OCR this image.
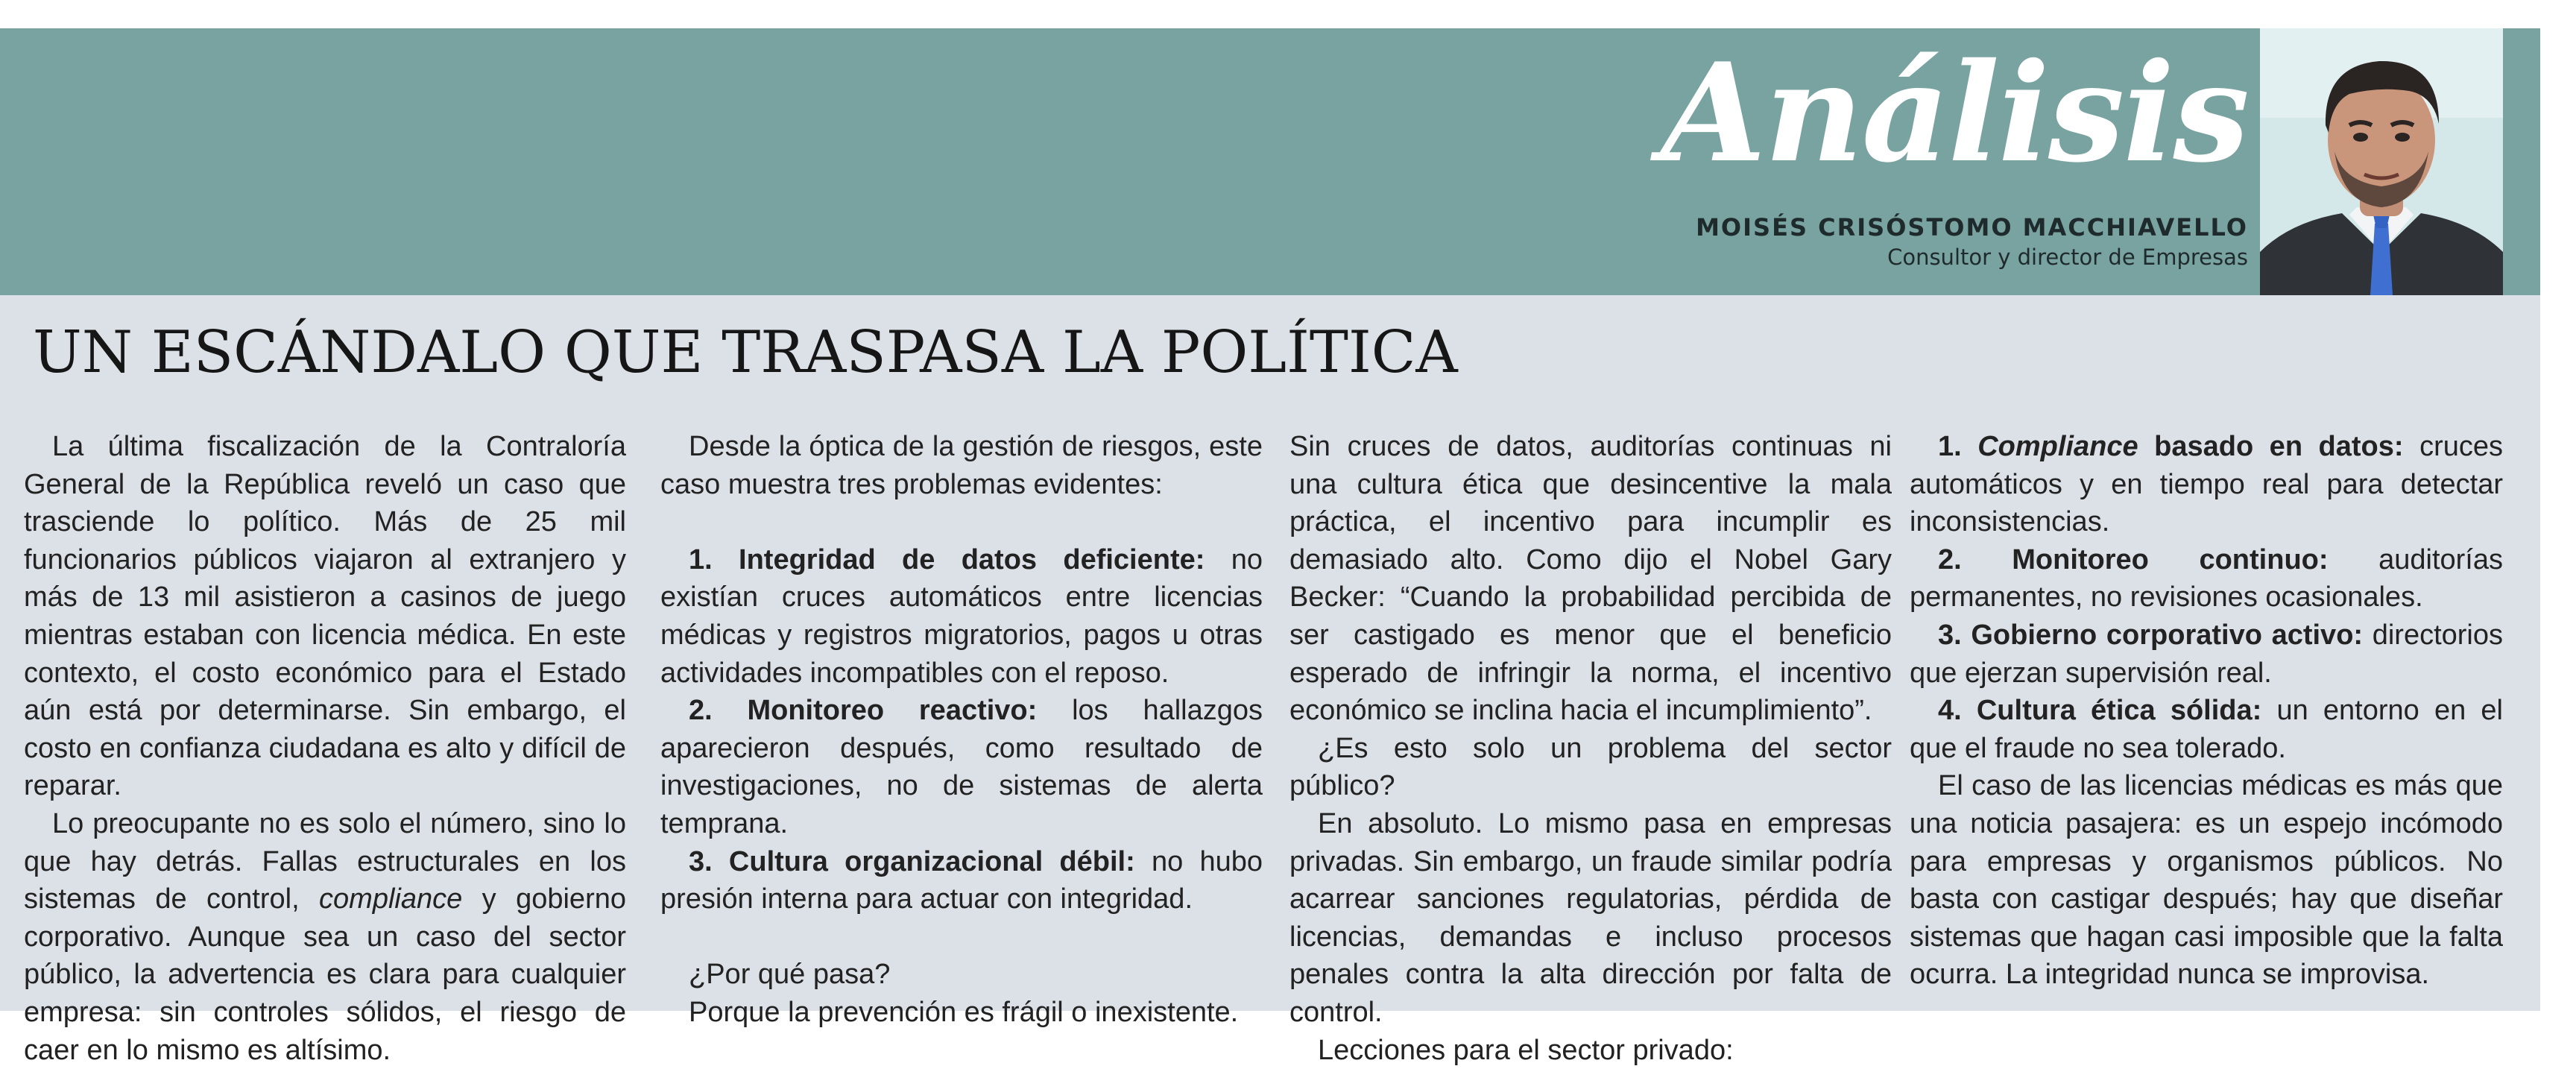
Análisis
MOISÉS CRISÓSTOMO MACCHIAVELLO
Consultor y director de Empresas
UN ESCÁNDALO QUE TRASPASA LA POLÍTICA

La última fiscalización de la Contraloría General de la República reveló un caso que trasciende lo político. Más de 25 mil funcionarios públicos viajaron al extranjero y más de 13 mil asistieron a casinos de juego mientras estaban con licencia médica. En este contexto, el costo económico para el Estado aún está por determinarse. Sin embargo, el costo en confianza ciudadana es alto y difícil de reparar.

Lo preocupante no es solo el número, sino lo que hay detrás. Fallas estructurales en los sistemas de control, compliance y gobierno corporativo. Aunque sea un caso del sector público, la advertencia es clara para cualquier empresa: sin controles sólidos, el riesgo de caer en lo mismo es altísimo.

Desde la óptica de la gestión de riesgos, este caso muestra tres problemas evidentes:

1. Integridad de datos deficiente: no existían cruces automáticos entre licencias médicas y registros migratorios, pagos u otras actividades incompatibles con el reposo.

2. Monitoreo reactivo: los hallazgos aparecieron después, como resultado de investigaciones, no de sistemas de alerta temprana.

3. Cultura organizacional débil: no hubo presión interna para actuar con integridad.

¿Por qué pasa?

Porque la prevención es frágil o inexistente.

Sin cruces de datos, auditorías continuas ni una cultura ética que desincentive la mala práctica, el incentivo para incumplir es demasiado alto. Como dijo el Nobel Gary Becker: “Cuando la probabilidad percibida de ser castigado es menor que el beneficio esperado de infringir la norma, el incentivo económico se inclina hacia el incumplimiento”.

¿Es esto solo un problema del sector público?

En absoluto. Lo mismo pasa en empresas privadas. Sin embargo, un fraude similar podría acarrear sanciones regulatorias, pérdida de licencias, demandas e incluso procesos penales contra la alta dirección por falta de control.

Lecciones para el sector privado:

1. Compliance basado en datos: cruces automáticos y en tiempo real para detectar inconsistencias.

2. Monitoreo continuo: auditorías permanentes, no revisiones ocasionales.

3. Gobierno corporativo activo: directorios que ejerzan supervisión real.

4. Cultura ética sólida: un entorno en el que el fraude no sea tolerado.

El caso de las licencias médicas es más que una noticia pasajera: es un espejo incómodo para empresas y organismos públicos. No basta con castigar después; hay que diseñar sistemas que hagan casi imposible que la falta ocurra. La integridad nunca se improvisa.
